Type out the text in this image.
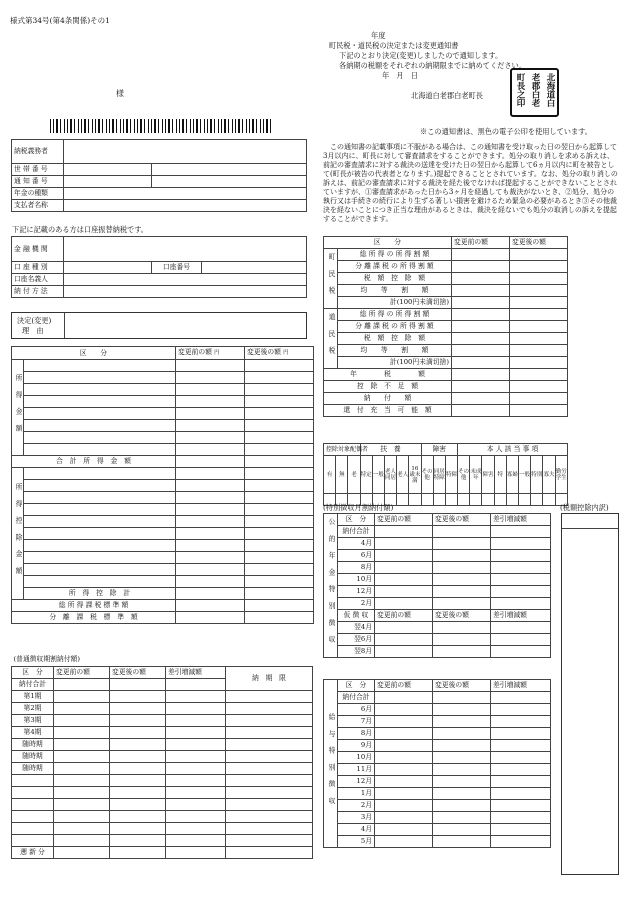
様式第34号(第4条関係)その1
年度
町民税・道民税の決定または変更通知書
下記のとおり決定(変更)しましたので通知します。
各納期の税額をそれぞれの納期限までに納めてください。
年　月　日
様	北海道白老郡白老町長	北海道白
老郡白老
町長之印
※この通知書は、黒色の電子公印を使用しています。
納税義務者		
世 帯 番 号		
通 知 番 号		
年金の種類		
支払者名称		
下記に記載のある方は口座振替納税です。
金 融 機 関			
口 座 種 別		口座番号	
口座名義人			
納 付 方 法			
決定(変更)
理　由
区　　分		変更前の額 円	変更後の額 円
所得金額			

合　計　所　得　金　額			
所得控除金額			

	所　得　控　除　計		
総 所 得 課 税 標 準 額			
分　離　課　税　標　準　額			
(普通徴収期割納付額)				
区　分	変更前の額	変更後の額	差引増減額	納　期　限
納付合計				
第1期				
第2期				
第3期				
第4期				
随時期				
随時期				
随時期				

遡 新 分				
　この通知書の記載事項に不服がある場合は、この通知書を受け取った日の翌日から起算して3月以内に、町長に対して審査請求をすることができます。処分の取り消しを求める訴えは、前記の審査請求に対する裁決の送達を受けた日の翌日から起算して6ヵ月以内に町を被告として(町長が被告の代表者となります。)提起できることとされています。なお、処分の取り消しの訴えは、前記の審査請求に対する裁決を経た後でなければ提起することができないこととされていますが、①審査請求があった日から3ヶ月を経過しても裁決がないとき、②処分、処分の執行又は手続きの続行により生ずる著しい損害を避けるため緊急の必要があるとき③その他裁決を経ないことにつき正当な理由があるときは、裁決を経ないでも処分の取消しの訴えを提起することができます。
区　　分		変更前の額	変更後の額
町民税	総 所 得 の 所 得 割 額		
	分 離 課 税 の 所 得 割 額		
	税　額　控　除　額		
	均　　等　　割　　額		
	計(100円未満切捨)		
道民税	総 所 得 の 所 得 割 額		
	分 離 課 税 の 所 得 割 額		
	税　額　控　除　額		
	均　　等　　割　　額		
	計(100円未満切捨)		
年　　　　税　　　　額			
控　除　不　足　額			
納　　付　　額			
還　付　充　当　可　能　額			
控除対象配偶者			扶　養					障害			本 人 該 当 事 項								
有	無	老	特定	一般	老人同居	老人	16歳未満	その他	同居特障	特障	その他	未成年	障害	特	寡婦	一般	特別	寡夫	勤労学生

(特別徴収月割納付額)	(税額控除内訳)
公的年金特別徴収	区　分	変更前の額	変更後の額	差引増減額
	納付合計			
	4月			
	6月			
	8月			
	10月			
	12月			
	2月			
	仮 徴 収	変更前の額	変更後の額	差引増減額
	翌4月			
	翌6月			
	翌8月			
給与特別徴収	区　分	変更前の額	変更後の額	差引増減額
	納付合計			
	6月			
	7月			
	8月			
	9月			
	10月			
	11月			
	12月			
	1月			
	2月			
	3月			
	4月			
	5月			
